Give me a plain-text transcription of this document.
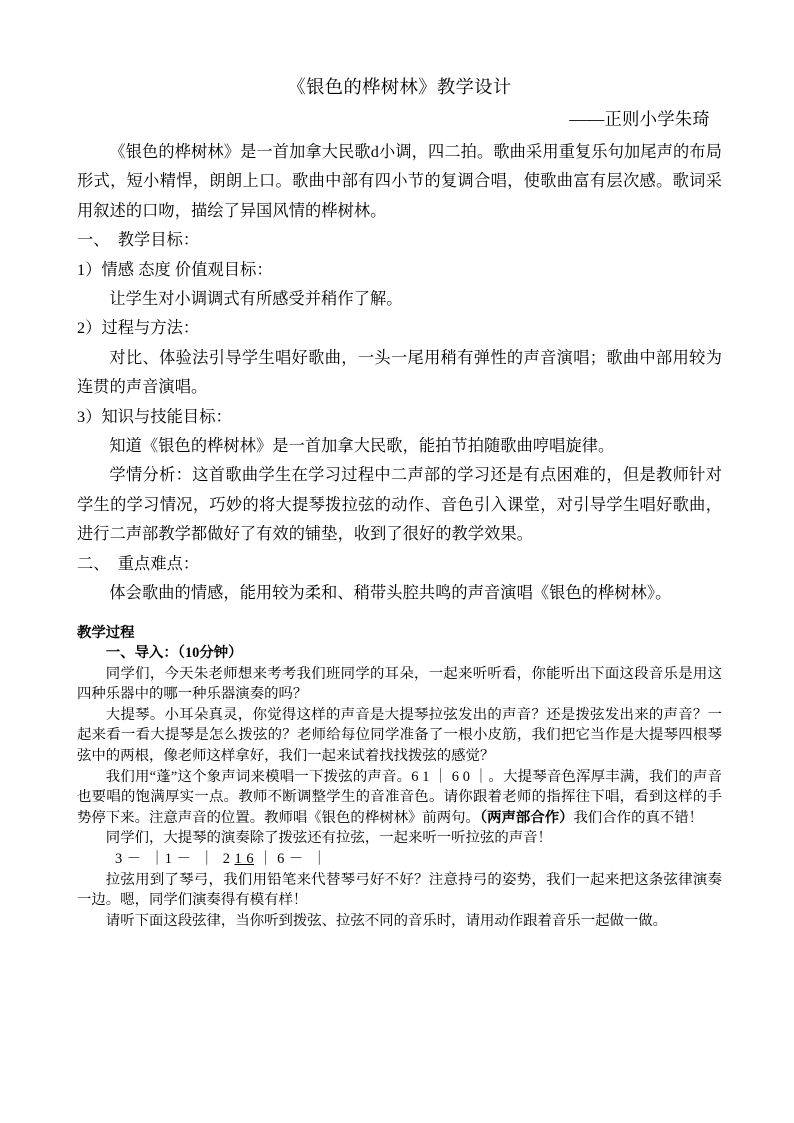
《银色的桦树林》教学设计

——正则小学朱琦

《银色的桦树林》是一首加拿大民歌d小调，四二拍。歌曲采用重复乐句加尾声的布局形式，短小精悍，朗朗上口。歌曲中部有四小节的复调合唱，使歌曲富有层次感。歌词采用叙述的口吻，描绘了异国风情的桦树林。

一、　教学目标：

1）情感 态度 价值观目标：

让学生对小调调式有所感受并稍作了解。

2）过程与方法：

对比、体验法引导学生唱好歌曲，一头一尾用稍有弹性的声音演唱；歌曲中部用较为连贯的声音演唱。

3）知识与技能目标：

知道《银色的桦树林》是一首加拿大民歌，能拍节拍随歌曲哼唱旋律。

学情分析：这首歌曲学生在学习过程中二声部的学习还是有点困难的，但是教师针对学生的学习情况，巧妙的将大提琴拨拉弦的动作、音色引入课堂，对引导学生唱好歌曲，进行二声部教学都做好了有效的铺垫，收到了很好的教学效果。

二、　重点难点：

体会歌曲的情感，能用较为柔和、稍带头腔共鸣的声音演唱《银色的桦树林》。

教学过程

一、导入：（10分钟）

同学们，今天朱老师想来考考我们班同学的耳朵，一起来听听看，你能听出下面这段音乐是用这四种乐器中的哪一种乐器演奏的吗？

大提琴。小耳朵真灵，你觉得这样的声音是大提琴拉弦发出的声音？还是拨弦发出来的声音？一起来看一看大提琴是怎么拨弦的？老师给每位同学准备了一根小皮筋，我们把它当作是大提琴四根琴弦中的两根，像老师这样拿好，我们一起来试着找找拨弦的感觉？

我们用“蓬”这个象声词来模唱一下拨弦的声音。6 1 ｜ 6 0 ｜。大提琴音色浑厚丰满，我们的声音也要唱的饱满厚实一点。教师不断调整学生的音准音色。请你跟着老师的指挥往下唱，看到这样的手势停下来。注意声音的位置。教师唱《银色的桦树林》前两句。（两声部合作）我们合作的真不错！

同学们，大提琴的演奏除了拨弦还有拉弦，一起来听一听拉弦的声音！

3 －  ｜1 －  ｜  2 1 6 ｜ 6 －  ｜

拉弦用到了琴弓，我们用铅笔来代替琴弓好不好？注意持弓的姿势，我们一起来把这条弦律演奏一边。嗯，同学们演奏得有模有样！

请听下面这段弦律，当你听到拨弦、拉弦不同的音乐时，请用动作跟着音乐一起做一做。
